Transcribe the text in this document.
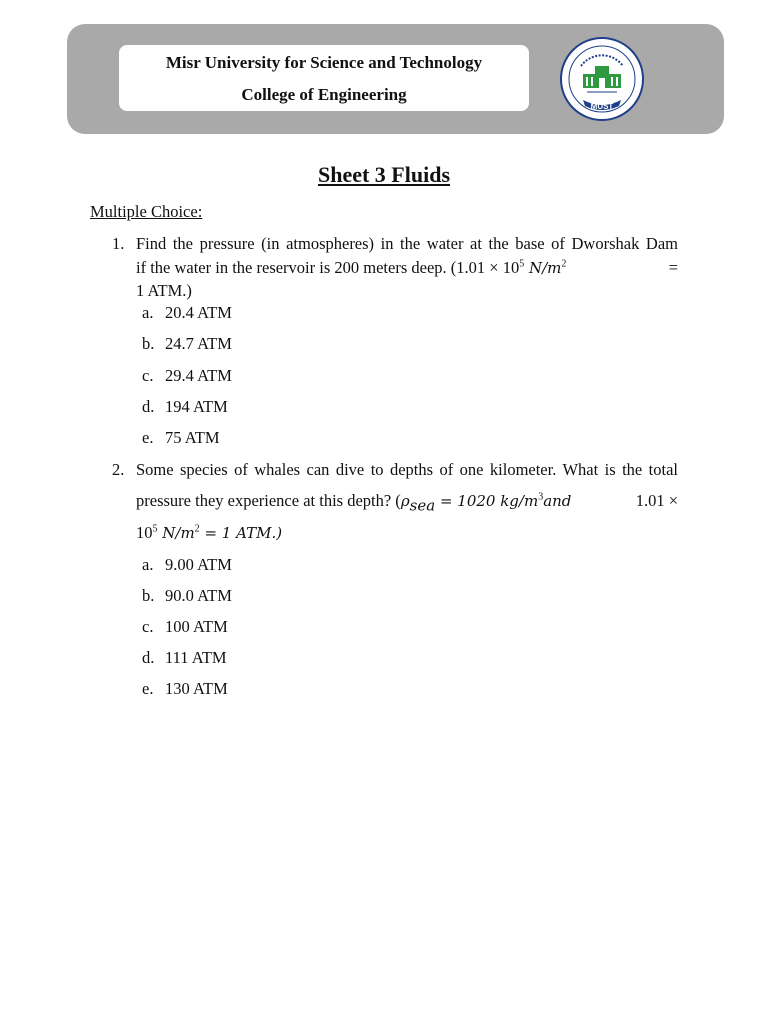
Misr University for Science and Technology
College of Engineering
MUST
Sheet 3 Fluids
Multiple Choice:
1. Find the pressure (in atmospheres) in the water at the base of Dworshak Dam
if the water in the reservoir is 200 meters deep. ($1.01 \times 10^5$ $N/m^2$	=
1 ATM.)
a. 20.4 ATM
b. 24.7 ATM
c. 29.4 ATM
d. 194 ATM
e. 75 ATM
2. Some species of whales can dive to depths of one kilometer. What is the total
pressure they experience at this depth? ($\rho_{sea} = 1020$ $kg/m^3and$	1.01 ×
$10^5$ $N/m^2 = 1$ ATM.)
a. 9.00 ATM
b. 90.0 ATM
c. 100 ATM
d. 111 ATM
e. 130 ATM
